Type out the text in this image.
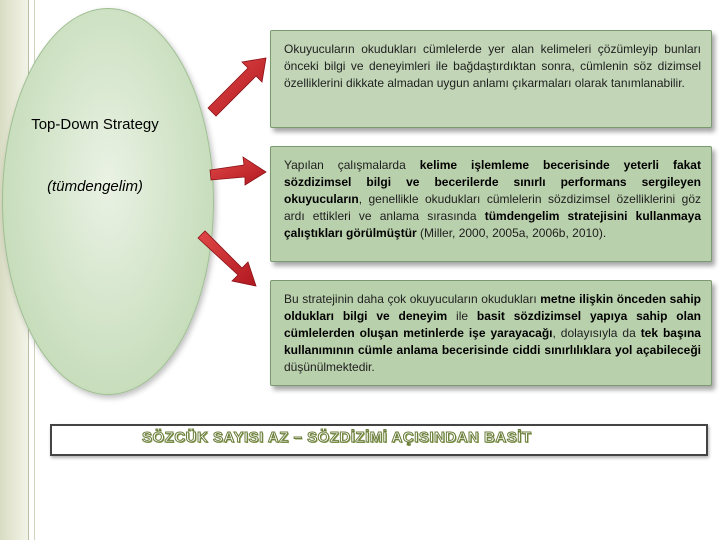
Top-Down Strategy
(tümdengelim)
Okuyucuların okudukları cümlelerde yer alan kelimeleri çözümleyip bunları önceki bilgi ve deneyimleri ile bağdaştırdıktan sonra, cümlenin söz dizimsel özelliklerini dikkate almadan uygun anlamı çıkarmaları olarak tanımlanabilir.
Yapılan çalışmalarda kelime işlemleme becerisinde yeterli fakat sözdizimsel bilgi ve becerilerde sınırlı performans sergileyen okuyucuların, genellikle okudukları cümlelerin sözdizimsel özelliklerini göz ardı ettikleri ve anlama sırasında tümdengelim stratejisini kullanmaya çalıştıkları görülmüştür (Miller, 2000, 2005a, 2006b, 2010).
Bu stratejinin daha çok okuyucuların okudukları metne ilişkin önceden sahip oldukları bilgi ve deneyim ile basit sözdizimsel yapıya sahip olan cümlelerden oluşan metinlerde işe yarayacağı, dolayısıyla da tek başına kullanımının cümle anlama becerisinde ciddi sınırlılıklara yol açabileceği düşünülmektedir.
SÖZCÜK SAYISI AZ – SÖZDİZİMİ AÇISINDAN BASİT
